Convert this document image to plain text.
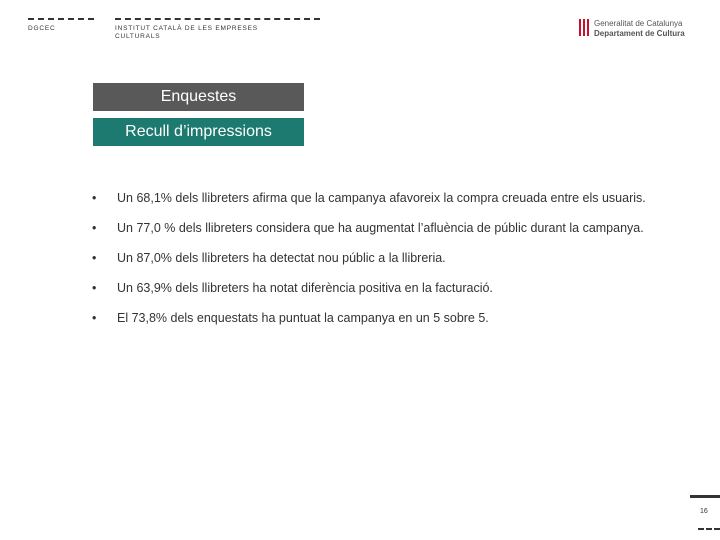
DGCEC	INSTITUT CATALÀ DE LES EMPRESES CULTURALS
Generalitat de Catalunya
Departament de Cultura
Enquestes
Recull d’impressions
• Un 68,1% dels llibreters afirma que la campanya afavoreix la compra creuada entre els usuaris.
• Un 77,0 % dels llibreters considera que ha augmentat l’afluència de públic durant la campanya.
• Un 87,0% dels llibreters ha detectat nou públic a la llibreria.
• Un 63,9% dels llibreters ha notat diferència positiva en la facturació.
• El 73,8% dels enquestats ha puntuat la campanya en un 5 sobre 5.
16
